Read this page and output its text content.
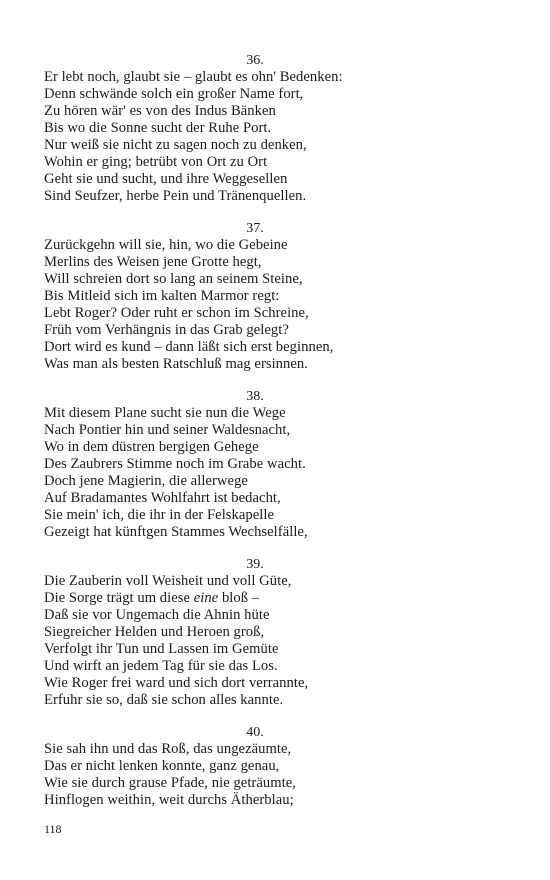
36.
Er lebt noch, glaubt sie – glaubt es ohn' Bedenken:
Denn schwände solch ein großer Name fort,
Zu hören wär' es von des Indus Bänken
Bis wo die Sonne sucht der Ruhe Port.
Nur weiß sie nicht zu sagen noch zu denken,
Wohin er ging; betrübt von Ort zu Ort
Geht sie und sucht, und ihre Weggesellen
Sind Seufzer, herbe Pein und Tränenquellen.
37.
Zurückgehn will sie, hin, wo die Gebeine
Merlins des Weisen jene Grotte hegt,
Will schreien dort so lang an seinem Steine,
Bis Mitleid sich im kalten Marmor regt:
Lebt Roger? Oder ruht er schon im Schreine,
Früh vom Verhängnis in das Grab gelegt?
Dort wird es kund – dann läßt sich erst beginnen,
Was man als besten Ratschluß mag ersinnen.
38.
Mit diesem Plane sucht sie nun die Wege
Nach Pontier hin und seiner Waldesnacht,
Wo in dem düstren bergigen Gehege
Des Zaubrers Stimme noch im Grabe wacht.
Doch jene Magierin, die allerwege
Auf Bradamantes Wohlfahrt ist bedacht,
Sie mein' ich, die ihr in der Felskapelle
Gezeigt hat künftgen Stammes Wechselfälle,
39.
Die Zauberin voll Weisheit und voll Güte,
Die Sorge trägt um diese eine bloß –
Daß sie vor Ungemach die Ahnin hüte
Siegreicher Helden und Heroen groß,
Verfolgt ihr Tun und Lassen im Gemüte
Und wirft an jedem Tag für sie das Los.
Wie Roger frei ward und sich dort verrannte,
Erfuhr sie so, daß sie schon alles kannte.
40.
Sie sah ihn und das Roß, das ungezäumte,
Das er nicht lenken konnte, ganz genau,
Wie sie durch grause Pfade, nie geträumte,
Hinflogen weithin, weit durchs Ätherblau;
118
